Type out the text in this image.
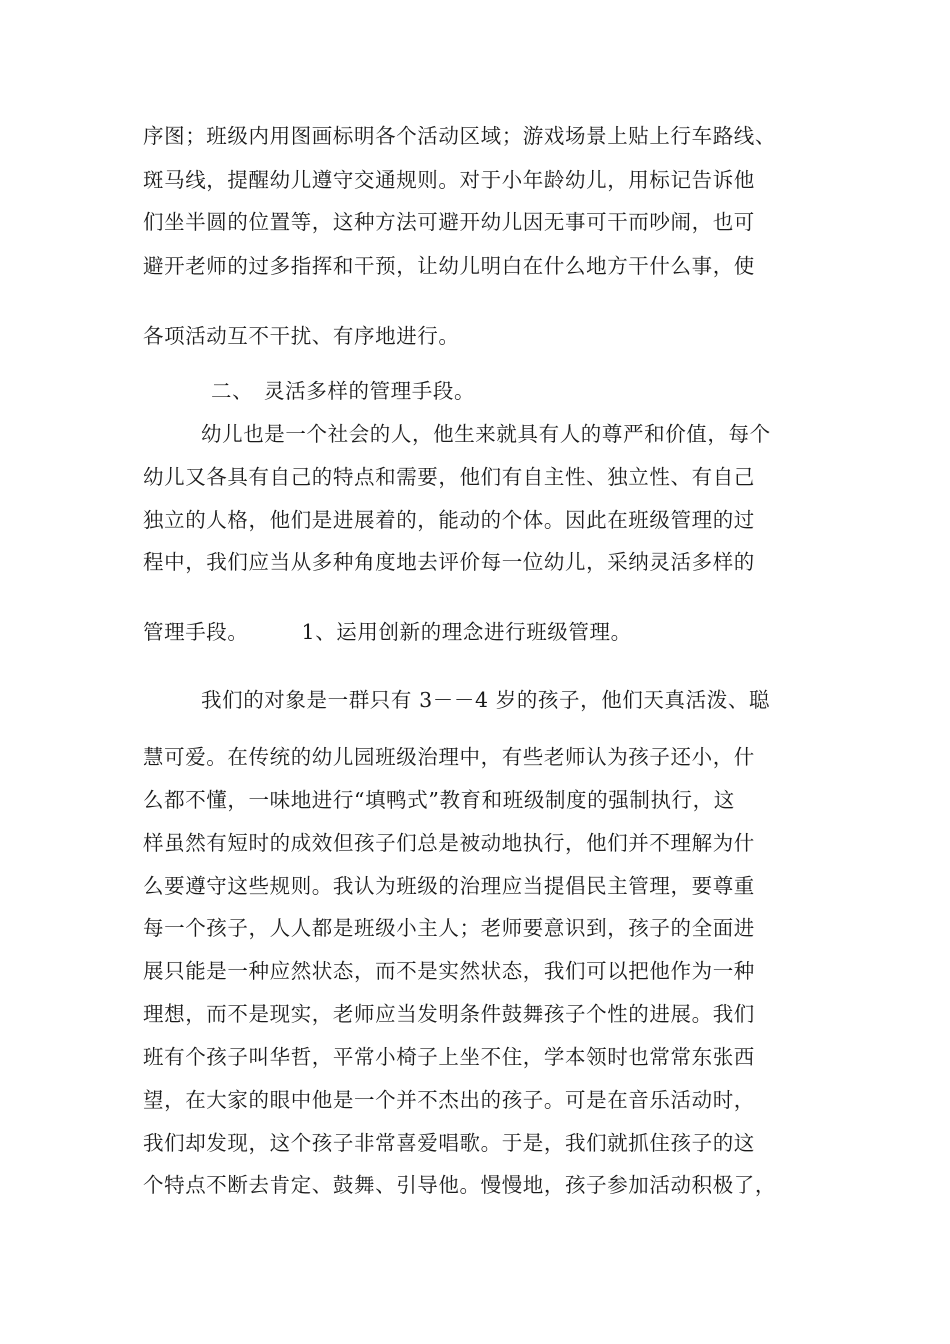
序图；班级内用图画标明各个活动区域；游戏场景上贴上行车路线、
斑马线，提醒幼儿遵守交通规则。对于小年龄幼儿，用标记告诉他
们坐半圆的位置等，这种方法可避开幼儿因无事可干而吵闹，也可
避开老师的过多指挥和干预，让幼儿明白在什么地方干什么事，使
各项活动互不干扰、有序地进行。
二、　灵活多样的管理手段。
幼儿也是一个社会的人，他生来就具有人的尊严和价值，每个
幼儿又各具有自己的特点和需要，他们有自主性、独立性、有自己
独立的人格，他们是进展着的，能动的个体。因此在班级管理的过
程中，我们应当从多种角度地去评价每一位幼儿，采纳灵活多样的
管理手段。　　　1、运用创新的理念进行班级管理。
我们的对象是一群只有 3－－4 岁的孩子，他们天真活泼、聪
慧可爱。在传统的幼儿园班级治理中，有些老师认为孩子还小，什
么都不懂，一味地进行“填鸭式”教育和班级制度的强制执行，这
样虽然有短时的成效但孩子们总是被动地执行，他们并不理解为什
么要遵守这些规则。我认为班级的治理应当提倡民主管理，要尊重
每一个孩子，人人都是班级小主人；老师要意识到，孩子的全面进
展只能是一种应然状态，而不是实然状态，我们可以把他作为一种
理想，而不是现实，老师应当发明条件鼓舞孩子个性的进展。我们
班有个孩子叫华哲，平常小椅子上坐不住，学本领时也常常东张西
望，在大家的眼中他是一个并不杰出的孩子。可是在音乐活动时，
我们却发现，这个孩子非常喜爱唱歌。于是，我们就抓住孩子的这
个特点不断去肯定、鼓舞、引导他。慢慢地，孩子参加活动积极了，
